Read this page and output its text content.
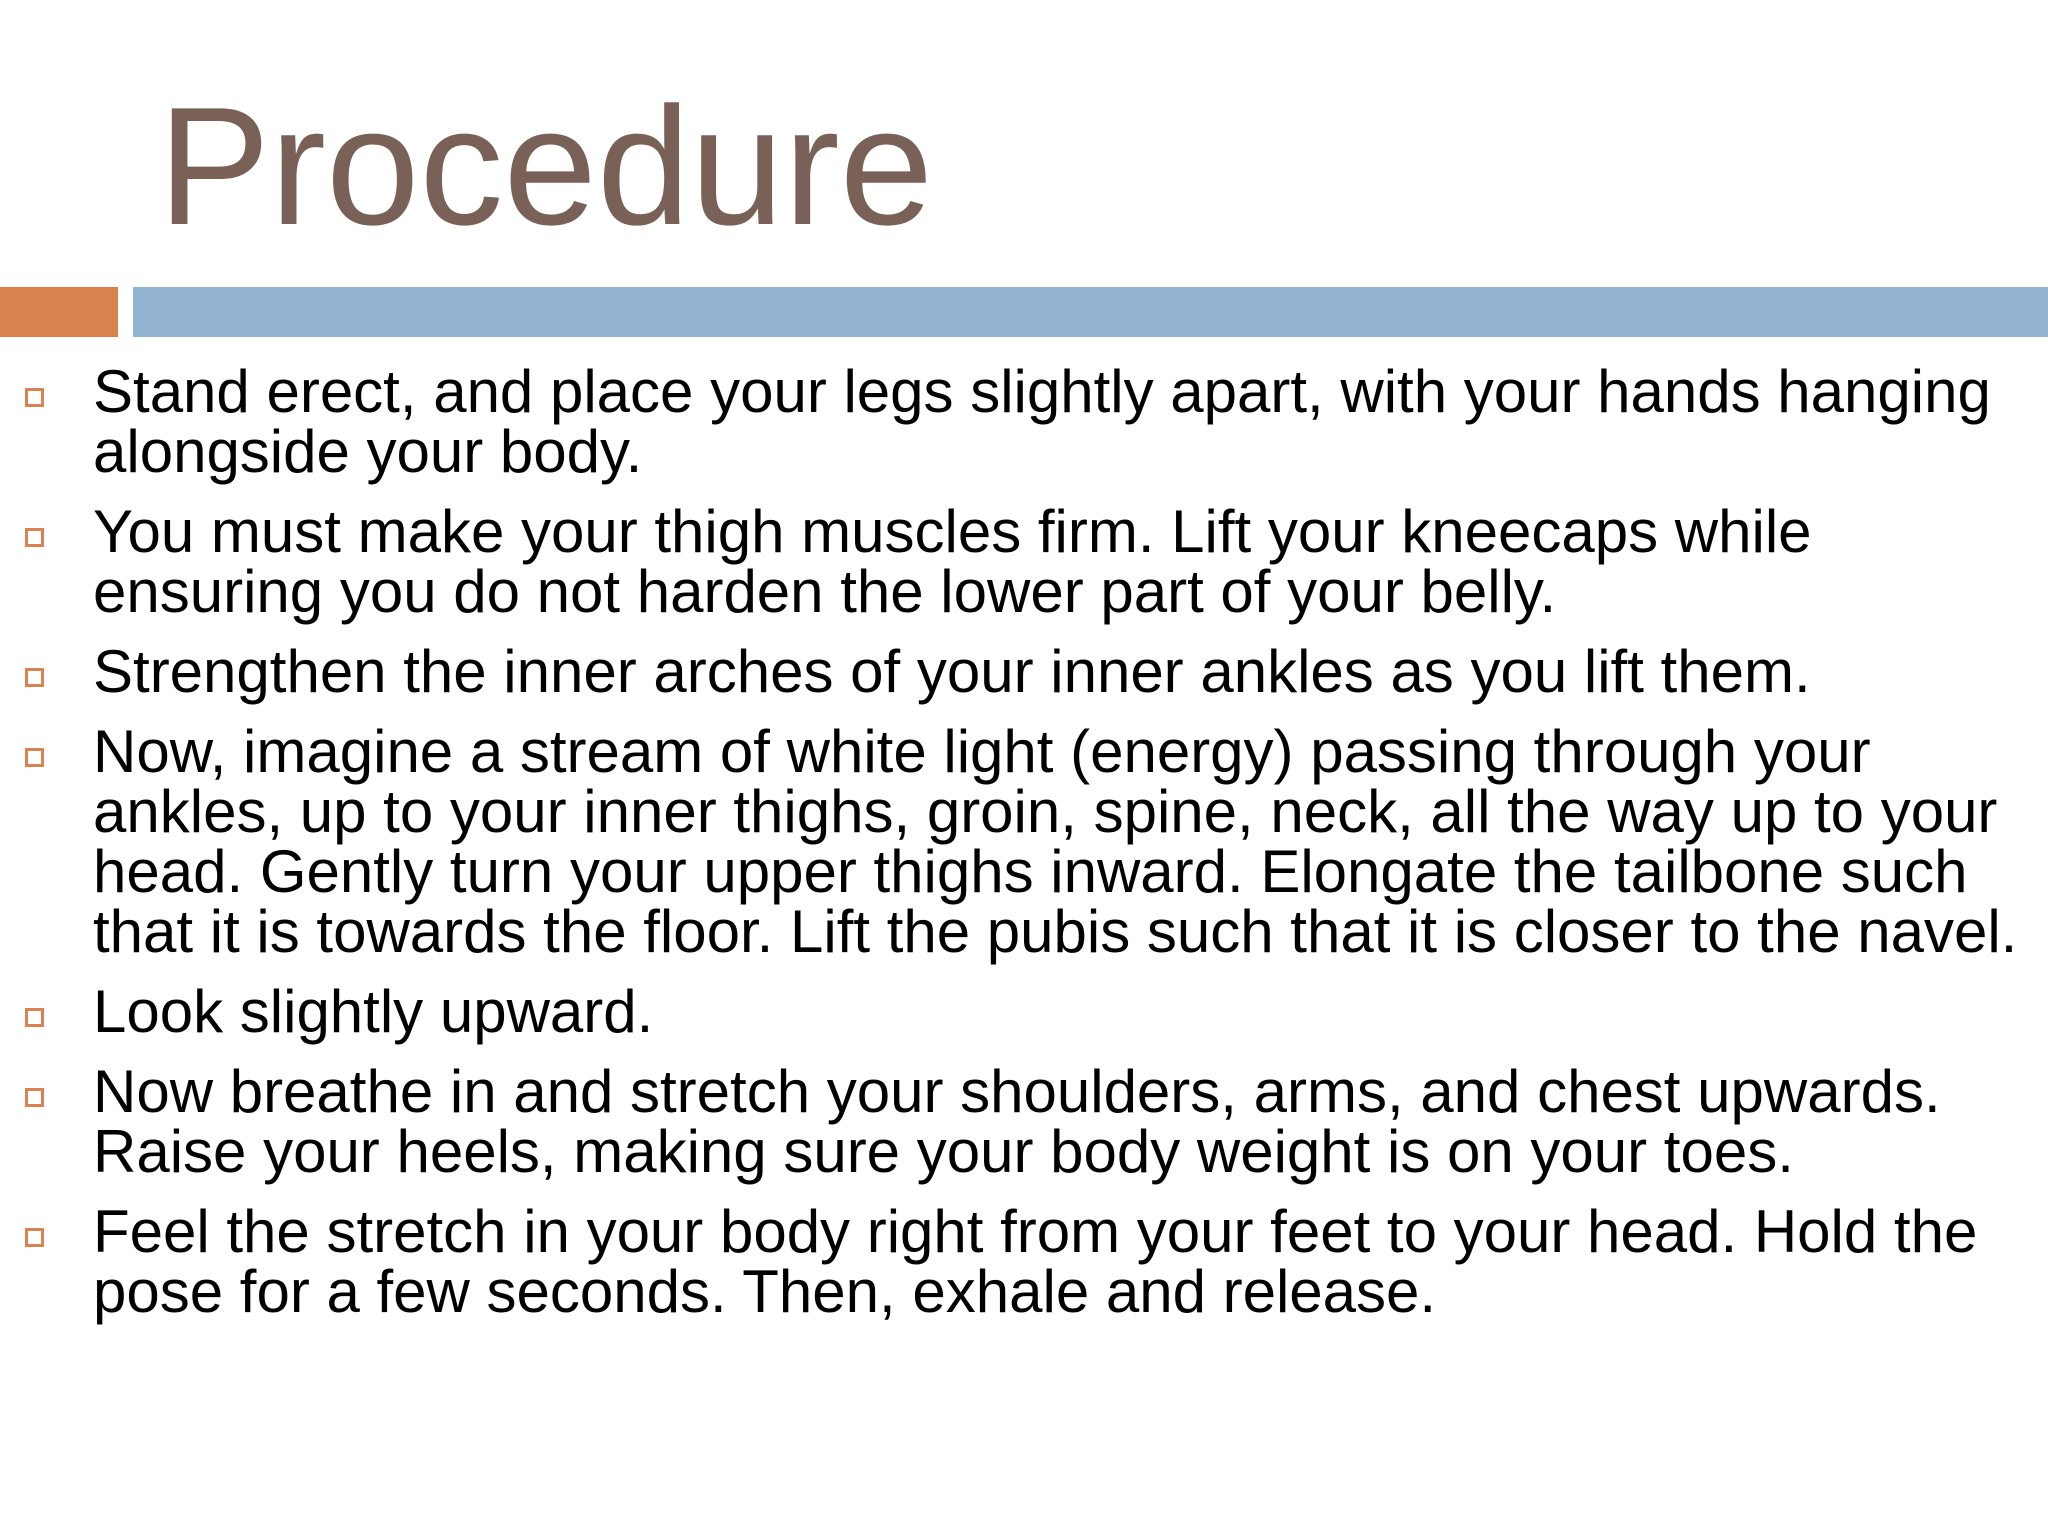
Procedure
Stand erect, and place your legs slightly apart, with your hands hanging alongside your body.
You must make your thigh muscles firm. Lift your kneecaps while ensuring you do not harden the lower part of your belly.
Strengthen the inner arches of your inner ankles as you lift them.
Now, imagine a stream of white light (energy) passing through your ankles, up to your inner thighs, groin, spine, neck, all the way up to your head. Gently turn your upper thighs inward. Elongate the tailbone such that it is towards the floor. Lift the pubis such that it is closer to the navel.
Look slightly upward.
Now breathe in and stretch your shoulders, arms, and chest upwards. Raise your heels, making sure your body weight is on your toes.
Feel the stretch in your body right from your feet to your head. Hold the pose for a few seconds. Then, exhale and release.
